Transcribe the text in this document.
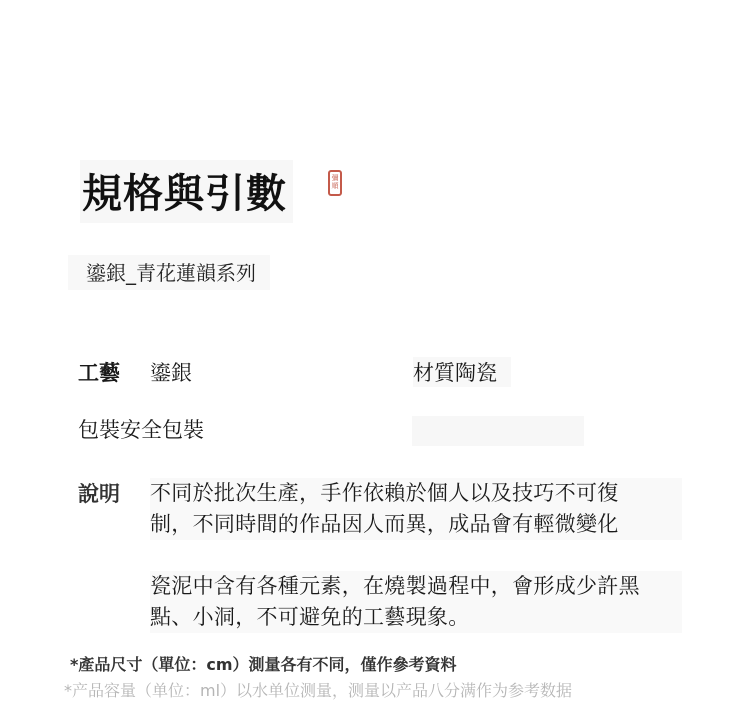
規格與引數	彌順
鎏銀_青花蓮韻系列
工藝 鎏銀	材質陶瓷
包裝安全包裝
說明 不同於批次生產，手作依賴於個人以及技巧不可復制，不同時間的作品因人而異，成品會有輕微變化
瓷泥中含有各種元素，在燒製過程中，會形成少許黑點、小洞，不可避免的工藝現象。
*產品尺寸（單位：cm）測量各有不同，僅作參考資料
*产品容量（单位：ml）以水单位测量，测量以产品八分满作为参考数据
